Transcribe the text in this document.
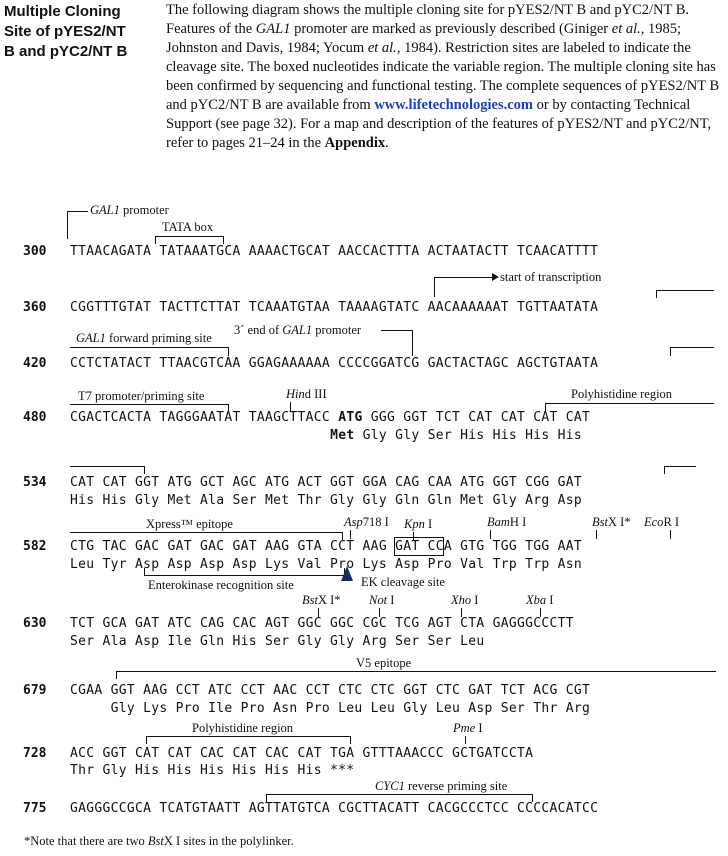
Multiple Cloning
Site of pYES2/NT
B and pYC2/NT B
The following diagram shows the multiple cloning site for pYES2/NT B and pYC2/NT B. Features of the GAL1 promoter are marked as previously described (Giniger et al., 1985; Johnston and Davis, 1984; Yocum et al., 1984). Restriction sites are labeled to indicate the cleavage site. The boxed nucleotides indicate the variable region. The multiple cloning site has been confirmed by sequencing and functional testing. The complete sequences of pYES2/NT B and pYC2/NT B are available from www.lifetechnologies.com or by contacting Technical Support (see page 32). For a map and description of the features of pYES2/NT and pYC2/NT, refer to pages 21–24 in the Appendix.
GAL1 promoter
TATA box
300 TTAACAGATA TATAAATGCA AAAACTGCAT AACCACTTTA ACTAATACTT TCAACATTTT
start of transcription
360 CGGTTTGTAT TACTTCTTAT TCAAATGTAA TAAAAGTATC AACAAAAAAT TGTTAATATA
GAL1 forward priming site
3´ end of GAL1 promoter
420 CCTCTATACT TTAACGTCAA GGAGAAAAAA CCCCGGATCG GACTACTAGC AGCTGTAATA
T7 promoter/priming site	Hind III	Polyhistidine region
480 CGACTCACTA TAGGGAATAT TAAGCTTACC ATG GGG GGT TCT CAT CAT CAT CAT
Met Gly Gly Ser His His His His
534 CAT CAT GGT ATG GCT AGC ATG ACT GGT GGA CAG CAA ATG GGT CGG GAT
His His Gly Met Ala Ser Met Thr Gly Gly Gln Gln Met Gly Arg Asp
Xpress™ epitope	Asp718 I Kpn I	BamH I	BstX I* EcoR I
582 CTG TAC GAC GAT GAC GAT AAG GTA CCT AAG GAT CCA GTG TGG TGG AAT
Leu Tyr Asp Asp Asp Asp Lys Val Pro Lys Asp Pro Val Trp Trp Asn
Enterokinase recognition site	EK cleavage site
BstX I* Not I	Xho I	Xba I
630 TCT GCA GAT ATC CAG CAC AGT GGC GGC CGC TCG AGT CTA GAGGGCCCTT
Ser Ala Asp Ile Gln His Ser Gly Gly Arg Ser Ser Leu
V5 epitope
679 CGAA GGT AAG CCT ATC CCT AAC CCT CTC CTC GGT CTC GAT TCT ACG CGT
Gly Lys Pro Ile Pro Asn Pro Leu Leu Gly Leu Asp Ser Thr Arg
Polyhistidine region	Pme I
728 ACC GGT CAT CAT CAC CAT CAC CAT TGA GTTTAAACCC GCTGATCCTA
Thr Gly His His His His His His ***
CYC1 reverse priming site
775 GAGGGCCGCA TCATGTAATT AGTTATGTCA CGCTTACATT CACGCCCTCC CCCCACATCC
*Note that there are two BstX I sites in the polylinker.
